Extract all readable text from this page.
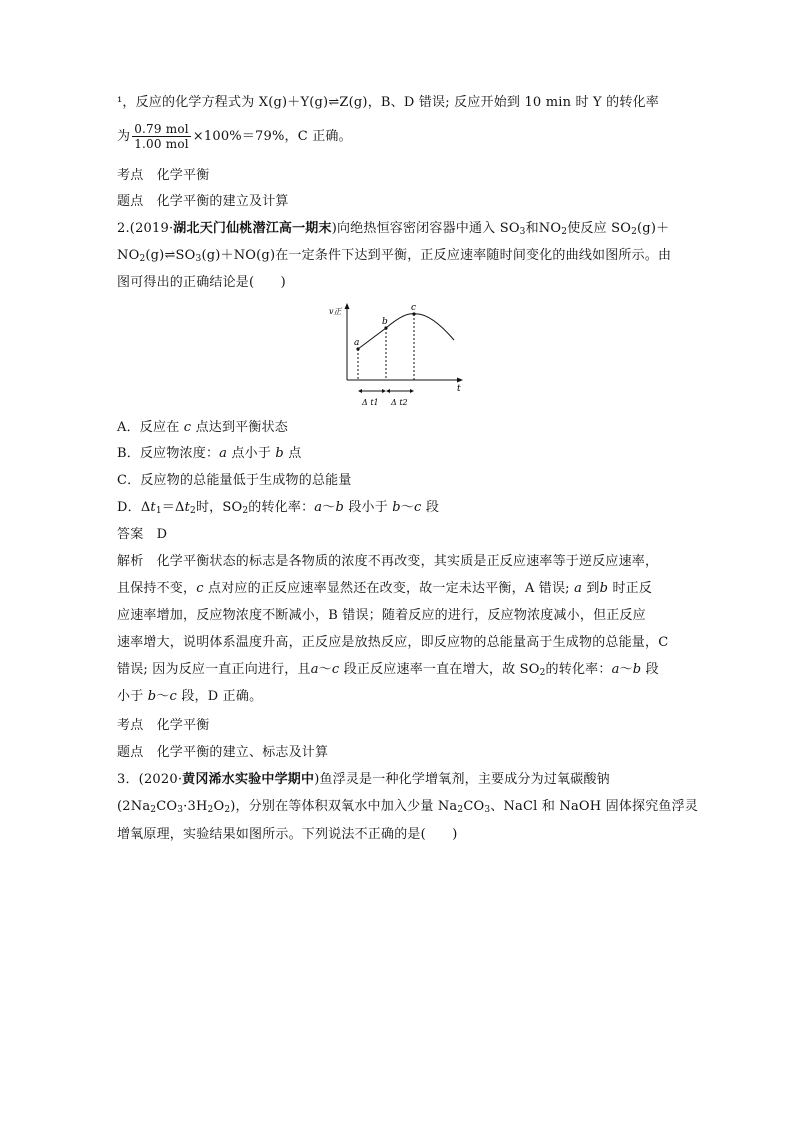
¹，反应的化学方程式为 X(g)＋Y(g)⇌Z(g)，B、D 错误; 反应开始到 10 min 时 Y 的转化率
为 $\frac{\text{0.79 mol}}{\text{1.00 mol}} \times 100\%=79\%$，C 正确。
考点　 化学平衡
题点　 化学平衡的建立及计算
2.(2019·湖北天门仙桃潜江高一期末)向绝热恒容密闭容器中通入 $SO_3$和$NO_2$使反应 $SO_2(g)+$
$NO_2(g)\rightleftharpoons SO_3(g)+NO(g)$在一定条件下达到平衡，正反应速率随时间变化的曲线如图所示。由
图可得出的正确结论是(　　)
v正
t
a
b
c
Δ t1 Δ t2
A．反应在 c 点达到平衡状态
B．反应物浓度：a 点小于 b 点
C．反应物的总能量低于生成物的总能量
D．$\Delta t_1=\Delta t_2$时，$SO_2$的转化率：a～b 段小于 b～c 段
答案　 D
解析　 化学平衡状态的标志是各物质的浓度不再改变，其实质是正反应速率等于逆反应速率，
且保持不变，c 点对应的正反应速率显然还在改变，故一定未达平衡，A 错误; a 到b 时正反
应速率增加，反应物浓度不断减小，B 错误；随着反应的进行，反应物浓度减小，但正反应
速率增大，说明体系温度升高，正反应是放热反应，即反应物的总能量高于生成物的总能量，C
错误; 因为反应一直正向进行，且a～c 段正反应速率一直在增大，故 $SO_2$的转化率：a～b 段
小于 b～c 段，D 正确。
考点　 化学平衡
题点　 化学平衡的建立、标志及计算
3．(2020·黄冈浠水实验中学期中)鱼浮灵是一种化学增氧剂，主要成分为过氧碳酸钠
$(2Na_2CO_3\cdot 3H_2O_2)$，分别在等体积双氧水中加入少量 $Na_2CO_3$、NaCl 和 NaOH 固体探究鱼浮灵
增氧原理，实验结果如图所示。下列说法不正确的是(　　)
